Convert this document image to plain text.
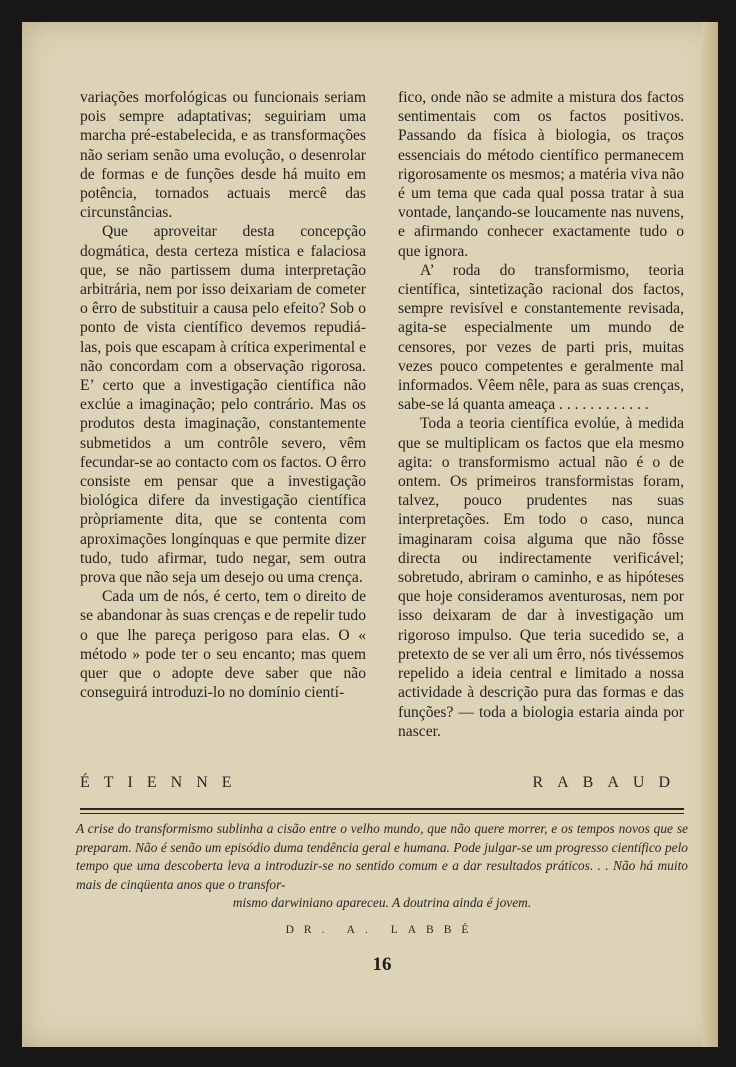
variações morfológicas ou funcionais seriam pois sempre adaptativas; seguiriam uma marcha pré-estabelecida, e as transformações não seriam senão uma evolução, o desenrolar de formas e de funções desde há muito em potência, tornados actuais mercê das circunstâncias.

Que aproveitar desta concepção dogmática, desta certeza mística e falaciosa que, se não partissem duma interpretação arbitrária, nem por isso deixariam de cometer o êrro de substituir a causa pelo efeito? Sob o ponto de vista científico devemos repudiá-las, pois que escapam à crítica experimental e não concordam com a observação rigorosa. E’ certo que a investigação científica não exclúe a imaginação; pelo contrário. Mas os produtos desta imaginação, constantemente submetidos a um contrôle severo, vêm fecundar-se ao contacto com os factos. O êrro consiste em pensar que a investigação biológica difere da investigação científica pròpriamente dita, que se contenta com aproximações longínquas e que permite dizer tudo, tudo afirmar, tudo negar, sem outra prova que não seja um desejo ou uma crença.

Cada um de nós, é certo, tem o direito de se abandonar às suas crenças e de repelir tudo o que lhe pareça perigoso para elas. O « método » pode ter o seu encanto; mas quem quer que o adopte deve saber que não conseguirá introduzi-lo no domínio cientí-

fico, onde não se admite a mistura dos factos sentimentais com os factos positivos. Passando da física à biologia, os traços essenciais do método científico permanecem rigorosamente os mesmos; a matéria viva não é um tema que cada qual possa tratar à sua vontade, lançando-se loucamente nas nuvens, e afirmando conhecer exactamente tudo o que ignora.

A’ roda do transformismo, teoria científica, sintetização racional dos factos, sempre revisível e constantemente revisada, agita-se especialmente um mundo de censores, por vezes de parti pris, muitas vezes pouco competentes e geralmente mal informados. Vêem nêle, para as suas crenças, sabe-se lá quanta ameaça . . . . . . . . . . . .

Toda a teoria científica evolúe, à medida que se multiplicam os factos que ela mesmo agita: o transformismo actual não é o de ontem. Os primeiros transformistas foram, talvez, pouco prudentes nas suas interpretações. Em todo o caso, nunca imaginaram coisa alguma que não fôsse directa ou indirectamente verificável; sobretudo, abriram o caminho, e as hipóteses que hoje consideramos aventurosas, nem por isso deixaram de dar à investigação um rigoroso impulso. Que teria sucedido se, a pretexto de se ver ali um êrro, nós tivéssemos repelido a ideia central e limitado a nossa actividade à descrição pura das formas e das funções? — toda a biologia estaria ainda por nascer.

ÉTIENNE	RABAUD
A crise do transformismo sublinha a cisão entre o velho mundo, que não quere morrer, e os tempos novos que se preparam. Não é senão um episódio duma tendência geral e humana. Pode julgar-se um progresso científico pelo tempo que uma descoberta leva a introduzir-se no sentido comum e a dar resultados práticos. . . Não há muito mais de cinqüenta anos que o transfor-
mismo darwiniano apareceu. A doutrina ainda é jovem.
DR. A. LABBÉ
16
